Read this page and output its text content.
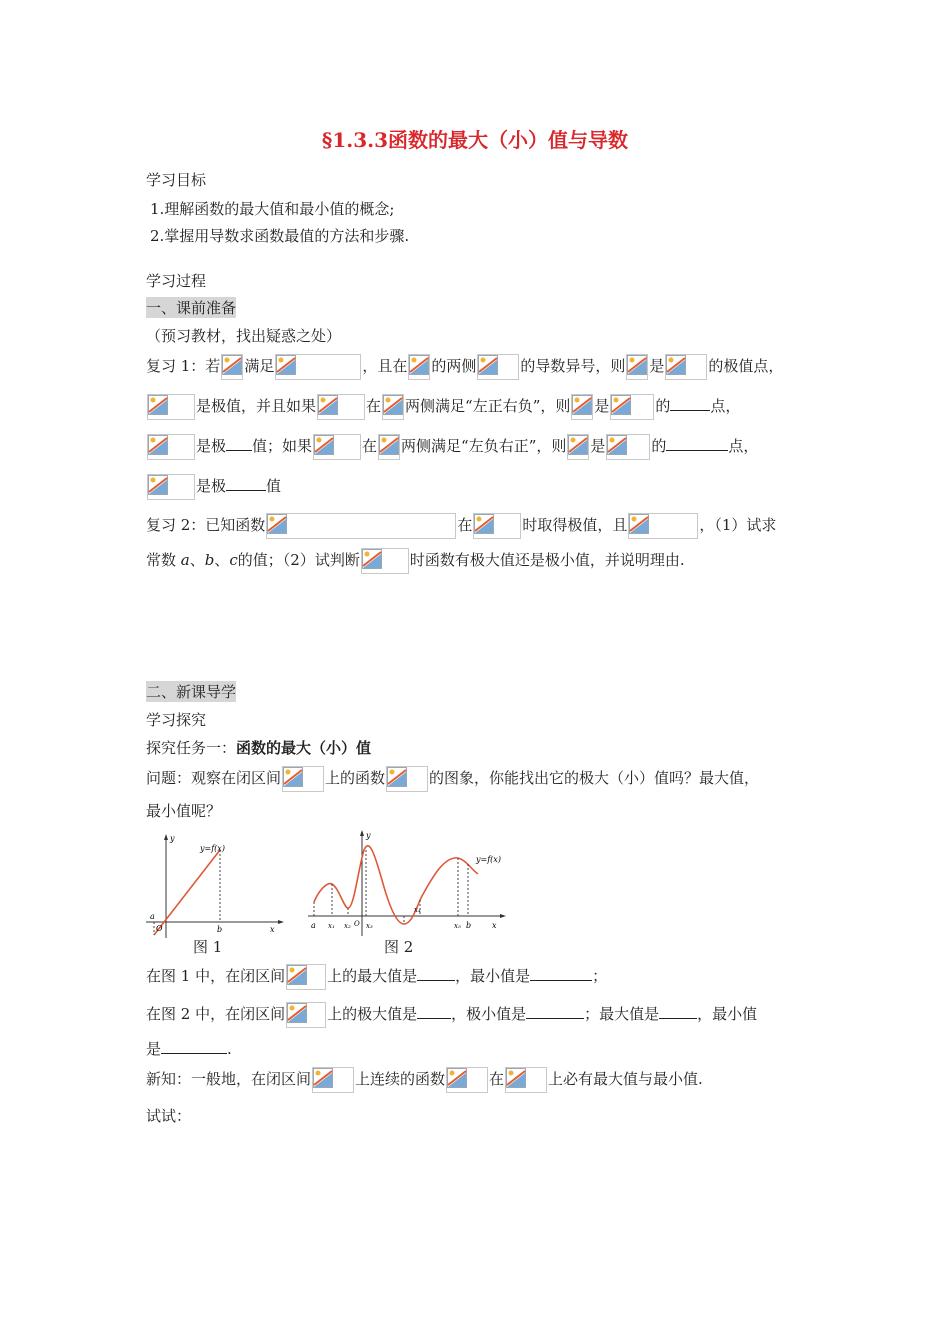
§1.3.3函数的最大（小）值与导数
学习目标
1.理解函数的最大值和最小值的概念;
2.掌握用导数求函数最值的方法和步骤.
学习过程
一、课前准备
（预习教材，找出疑惑之处）
复习 1：若 满足	，且在 的两侧	的导数异号，则 是	的极值点，
是极值，并且如果	在 两侧满足“左正右负”，则 是	的	点，
是极 值；如果	在 两侧满足“左负右正”，则 是	的	点，
是极	值
复习 2：已知函数	在	时取得极值，且	，（1）试求
常数 a、b、c的值；（2）试判断	时函数有极大值还是极小值，并说明理由.
二、新课导学
学习探究
探究任务一：函数的最大（小）值
问题：观察在闭区间	上的函数	的图象，你能找出它的极大（小）值吗？最大值，
最小值呢？
y=f(x)
y
x
O
a
b
图 1
y=f(x)
y
x
a x₁ x₂ O x₃
x₄
x₅ b
图 2
在图 1 中，在闭区间	上的最大值是	，最小值是	；
在图 2 中，在闭区间	上的极大值是 ，极小值是	；最大值是	，最小值
是	.
新知：一般地，在闭区间	上连续的函数	在	上必有最大值与最小值.
试试：
